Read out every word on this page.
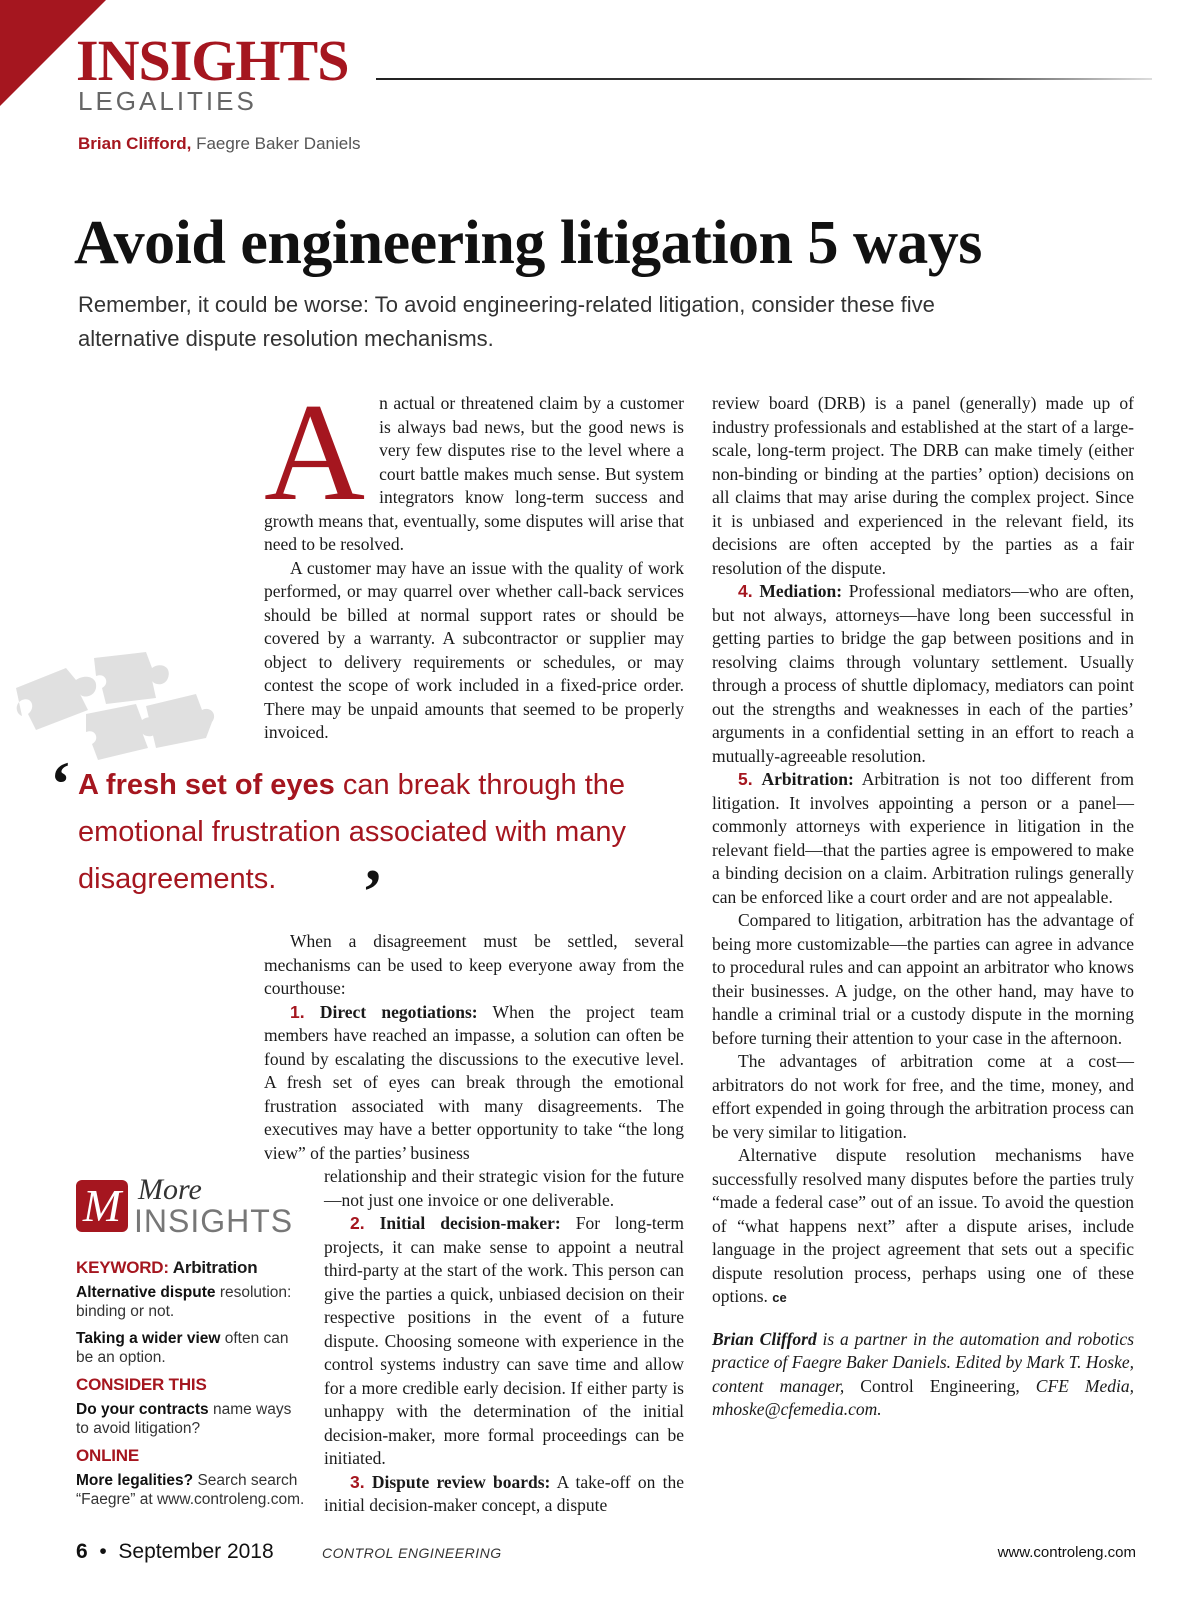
INSIGHTS

LEGALITIES

Brian Clifford, Faegre Baker Daniels

Avoid engineering litigation 5 ways

Remember, it could be worse: To avoid engineering-related litigation, consider these five alternative dispute resolution mechanisms.

An actual or threatened claim by a customer is always bad news, but the good news is very few disputes rise to the level where a court battle makes much sense. But system integrators know long-term success and growth means that, eventually, some disputes will arise that need to be resolved.

A customer may have an issue with the quality of work performed, or may quarrel over whether call-back services should be billed at normal support rates or should be covered by a warranty. A subcontractor or supplier may object to delivery requirements or schedules, or may contest the scope of work included in a fixed-price order. There may be unpaid amounts that seemed to be properly invoiced.

‘ A fresh set of eyes can break through the emotional frustration associated with many disagreements.	’

When a disagreement must be settled, several mechanisms can be used to keep everyone away from the courthouse:

1. Direct negotiations: When the project team members have reached an impasse, a solution can often be found by escalating the discussions to the executive level. A fresh set of eyes can break through the emotional frustration associated with many disagreements. The executives may have a better opportunity to take “the long view” of the parties’ business

relationship and their strategic vision for the future—not just one invoice or one deliverable.

2. Initial decision-maker: For long-term projects, it can make sense to appoint a neutral third-party at the start of the work. This person can give the parties a quick, unbiased decision on their respective positions in the event of a future dispute. Choosing someone with experience in the control systems industry can save time and allow for a more credible early decision. If either party is unhappy with the determination of the initial decision-maker, more formal proceedings can be initiated.

3. Dispute review boards: A take-off on the initial decision-maker concept, a dispute

review board (DRB) is a panel (generally) made up of industry professionals and established at the start of a large-scale, long-term project. The DRB can make timely (either non-binding or binding at the parties’ option) decisions on all claims that may arise during the complex project. Since it is unbiased and experienced in the relevant field, its decisions are often accepted by the parties as a fair resolution of the dispute.

4. Mediation: Professional mediators—who are often, but not always, attorneys—have long been successful in getting parties to bridge the gap between positions and in resolving claims through voluntary settlement. Usually through a process of shuttle diplomacy, mediators can point out the strengths and weaknesses in each of the parties’ arguments in a confidential setting in an effort to reach a mutually-agreeable resolution.

5. Arbitration: Arbitration is not too different from litigation. It involves appointing a person or a panel—commonly attorneys with experience in litigation in the relevant field—that the parties agree is empowered to make a binding decision on a claim. Arbitration rulings generally can be enforced like a court order and are not appealable.

Compared to litigation, arbitration has the advantage of being more customizable—the parties can agree in advance to procedural rules and can appoint an arbitrator who knows their businesses. A judge, on the other hand, may have to handle a criminal trial or a custody dispute in the morning before turning their attention to your case in the afternoon.

The advantages of arbitration come at a cost—arbitrators do not work for free, and the time, money, and effort expended in going through the arbitration process can be very similar to litigation.

Alternative dispute resolution mechanisms have successfully resolved many disputes before the parties truly “made a federal case” out of an issue. To avoid the question of “what happens next” after a dispute arises, include language in the project agreement that sets out a specific dispute resolution process, perhaps using one of these options. ce

Brian Clifford is a partner in the automation and robotics practice of Faegre Baker Daniels. Edited by Mark T. Hoske, content manager, Control Engineering, CFE Media, mhoske@cfemedia.com.

M More

INSIGHTS

KEYWORD: Arbitration

Alternative dispute resolution: binding or not.

Taking a wider view often can be an option.

CONSIDER THIS

Do your contracts name ways to avoid litigation?

ONLINE

More legalities? Search search “Faegre” at www.controleng.com.

6  •  September 2018	CONTROL ENGINEERING	www.controleng.com
